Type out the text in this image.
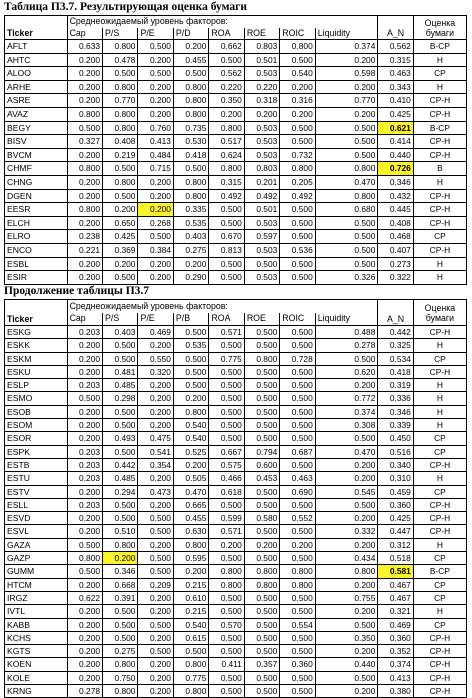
Таблица П3.7. Результирующая оценка бумаги
Ticker	Среднеожидаемый уровень факторов:								A_N	Оценка бумаги
	Cap	P/S	P/E	P/D	ROA	ROE	ROIC	Liquidity		
AFLT	0.633	0.800	0.500	0.200	0.662	0.803	0.800	0.374	0.562	В-СР
AHTC	0.200	0.478	0.200	0.455	0.500	0.501	0.500	0.200	0.315	Н
ALOO	0.200	0.500	0.500	0.500	0.562	0.503	0.540	0.598	0.463	СР
ARHE	0.200	0.800	0.200	0.800	0.220	0.220	0.200	0.200	0.343	Н
ASRE	0.200	0.770	0.200	0.800	0.350	0.318	0.316	0.770	0.410	СР-Н
AVAZ	0.800	0.800	0.200	0.800	0.200	0.200	0.200	0.200	0.425	СР-Н
BEGY	0.500	0.800	0.760	0.735	0.800	0.503	0.500	0.500	0.621	В-СР
BISV	0.327	0.408	0.413	0.530	0.517	0.503	0.500	0.500	0.414	СР-Н
BVCM	0.200	0.219	0.484	0.418	0.624	0.503	0.732	0.500	0.440	СР-Н
CHMF	0.800	0.500	0.715	0.500	0.800	0.803	0.800	0.800	0.726	В
CHNG	0.200	0.800	0.200	0.800	0.315	0.201	0.205	0.470	0.346	Н
DGEN	0.200	0.500	0.200	0.800	0.492	0.492	0.492	0.800	0.432	СР-Н
EESR	0.800	0.200	0.200	0.335	0.500	0.501	0.500	0.680	0.445	СР-Н
ELCH	0.200	0.650	0.268	0.535	0.500	0.503	0.500	0.500	0.408	СР-Н
ELRO	0.238	0.425	0.500	0.403	0.670	0.597	0.500	0.500	0.468	СР
ENCO	0.221	0.369	0.384	0.275	0.813	0.503	0.536	0.500	0.407	СР-Н
ESBL	0.200	0.200	0.200	0.200	0.500	0.500	0.500	0.500	0.273	Н
ESIR	0.200	0.500	0.200	0.290	0.500	0.503	0.500	0.326	0.322	Н
Продолжение таблицы П3.7
Ticker	Среднеожидаемый уровень факторов:								A_N	Оценка бумаги
	Cap	P/S	P/E	P/B	ROA	ROE	ROIC	Liquidity		
ESKG	0.203	0.403	0.469	0.500	0.571	0.500	0.500	0.488	0.442	СР-Н
ESKK	0.200	0.500	0.200	0.535	0.500	0.500	0.500	0.278	0.325	Н
ESKM	0.200	0.500	0.550	0.500	0.775	0.800	0.728	0.500	0.534	СР
ESKU	0.200	0.481	0.320	0.500	0.500	0.500	0.500	0.620	0.418	СР-Н
ESLP	0.203	0.485	0.200	0.500	0.500	0.500	0.500	0.200	0.319	Н
ESMO	0.500	0.298	0.200	0.200	0.500	0.500	0.500	0.772	0.336	Н
ESOB	0.200	0.500	0.200	0.800	0.500	0.500	0.500	0.374	0.346	Н
ESOM	0.200	0.500	0.200	0.540	0.500	0.500	0.500	0.308	0.339	Н
ESOR	0.200	0.493	0.475	0.540	0.500	0.500	0.500	0.500	0.450	СР
ESPK	0.203	0.500	0.541	0.525	0.667	0.794	0.687	0.470	0.516	СР
ESTB	0.203	0.442	0.354	0.200	0.575	0.600	0.500	0.200	0.340	СР-Н
ESTU	0.203	0.485	0.200	0.505	0.466	0.453	0.463	0.200	0.310	Н
ESTV	0.200	0.294	0.473	0.470	0.618	0.500	0.690	0.545	0.459	СР
ESLL	0.203	0.500	0.200	0.665	0.500	0.500	0.500	0.500	0.360	СР-Н
ESVD	0.200	0.500	0.500	0.455	0.599	0.580	0.552	0.200	0.425	СР-Н
ESVL	0.200	0.510	0.500	0.630	0.571	0.500	0.500	0.332	0.447	СР-Н
GAZA	0.500	0.800	0.200	0.800	0.200	0.200	0.200	0.200	0.312	Н
GAZP	0.800	0.200	0.500	0.595	0.500	0.500	0.500	0.434	0.518	СР
GUMM	0.500	0.346	0.500	0.200	0.800	0.800	0.800	0.800	0.581	В-СР
HTCM	0.200	0.668	0.209	0.215	0.800	0.800	0.800	0.200	0.467	СР
IRGZ	0.622	0.391	0.200	0.610	0.500	0.500	0.500	0.755	0.467	СР
IVTL	0.200	0.500	0.200	0.215	0.500	0.500	0.500	0.200	0.321	Н
KABB	0.200	0.500	0.500	0.540	0.570	0.500	0.554	0.500	0.469	СР
KCHS	0.200	0.500	0.200	0.615	0.500	0.500	0.500	0.350	0.360	СР-Н
KGTS	0.200	0.275	0.500	0.500	0.500	0.500	0.500	0.200	0.352	СР-Н
KOEN	0.200	0.800	0.200	0.800	0.411	0.357	0.360	0.440	0.374	СР-Н
KOLE	0.200	0.750	0.200	0.775	0.500	0.500	0.500	0.500	0.413	СР-Н
KRNG	0.278	0.800	0.200	0.800	0.500	0.500	0.500	0.200	0.380	СР-Н
